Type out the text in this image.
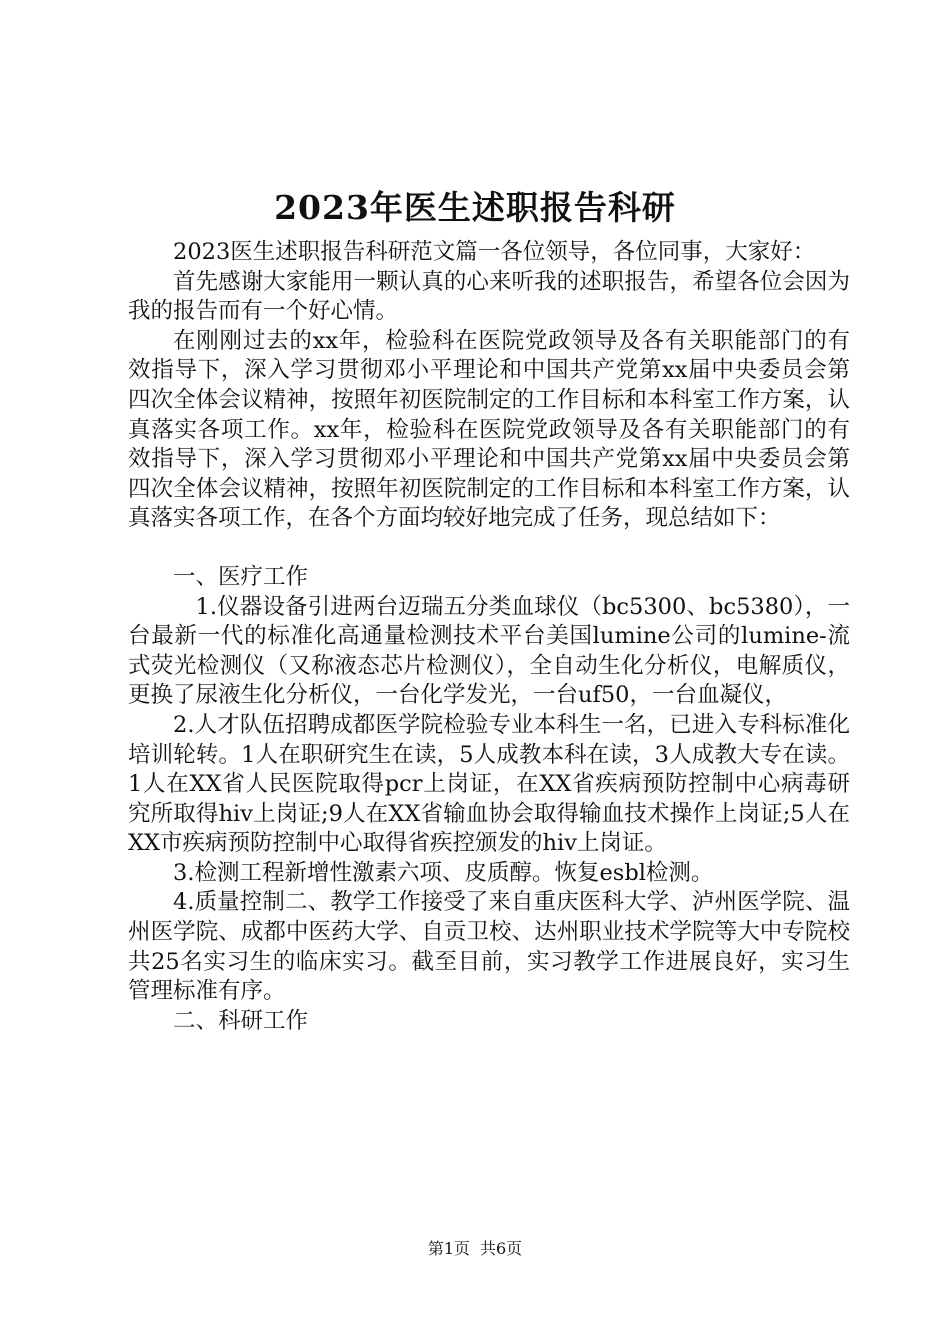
2023年医生述职报告科研

2023医生述职报告科研范文篇一各位领导，各位同事，大家好：

首先感谢大家能用一颗认真的心来听我的述职报告，希望各位会因为我的报告而有一个好心情。

在刚刚过去的xx年，检验科在医院党政领导及各有关职能部门的有效指导下，深入学习贯彻邓小平理论和中国共产党第xx届中央委员会第四次全体会议精神，按照年初医院制定的工作目标和本科室工作方案，认真落实各项工作。xx年，检验科在医院党政领导及各有关职能部门的有效指导下，深入学习贯彻邓小平理论和中国共产党第xx届中央委员会第四次全体会议精神，按照年初医院制定的工作目标和本科室工作方案，认真落实各项工作，在各个方面均较好地完成了任务，现总结如下：

一、医疗工作

1.仪器设备引进两台迈瑞五分类血球仪（bc5300、bc5380），一台最新一代的标准化高通量检测技术平台美国lumine公司的lumine-流式荧光检测仪（又称液态芯片检测仪），全自动生化分析仪，电解质仪，更换了尿液生化分析仪，一台化学发光，一台uf50，一台血凝仪，

2.人才队伍招聘成都医学院检验专业本科生一名，已进入专科标准化培训轮转。1人在职研究生在读，5人成教本科在读，3人成教大专在读。1人在XX省人民医院取得pcr上岗证，在XX省疾病预防控制中心病毒研究所取得hiv上岗证;9人在XX省输血协会取得输血技术操作上岗证;5人在XX市疾病预防控制中心取得省疾控颁发的hiv上岗证。

3.检测工程新增性激素六项、皮质醇。恢复esbl检测。

4.质量控制二、教学工作接受了来自重庆医科大学、泸州医学院、温州医学院、成都中医药大学、自贡卫校、达州职业技术学院等大中专院校共25名实习生的临床实习。截至目前，实习教学工作进展良好，实习生管理标准有序。

二、科研工作

第1页 共6页
